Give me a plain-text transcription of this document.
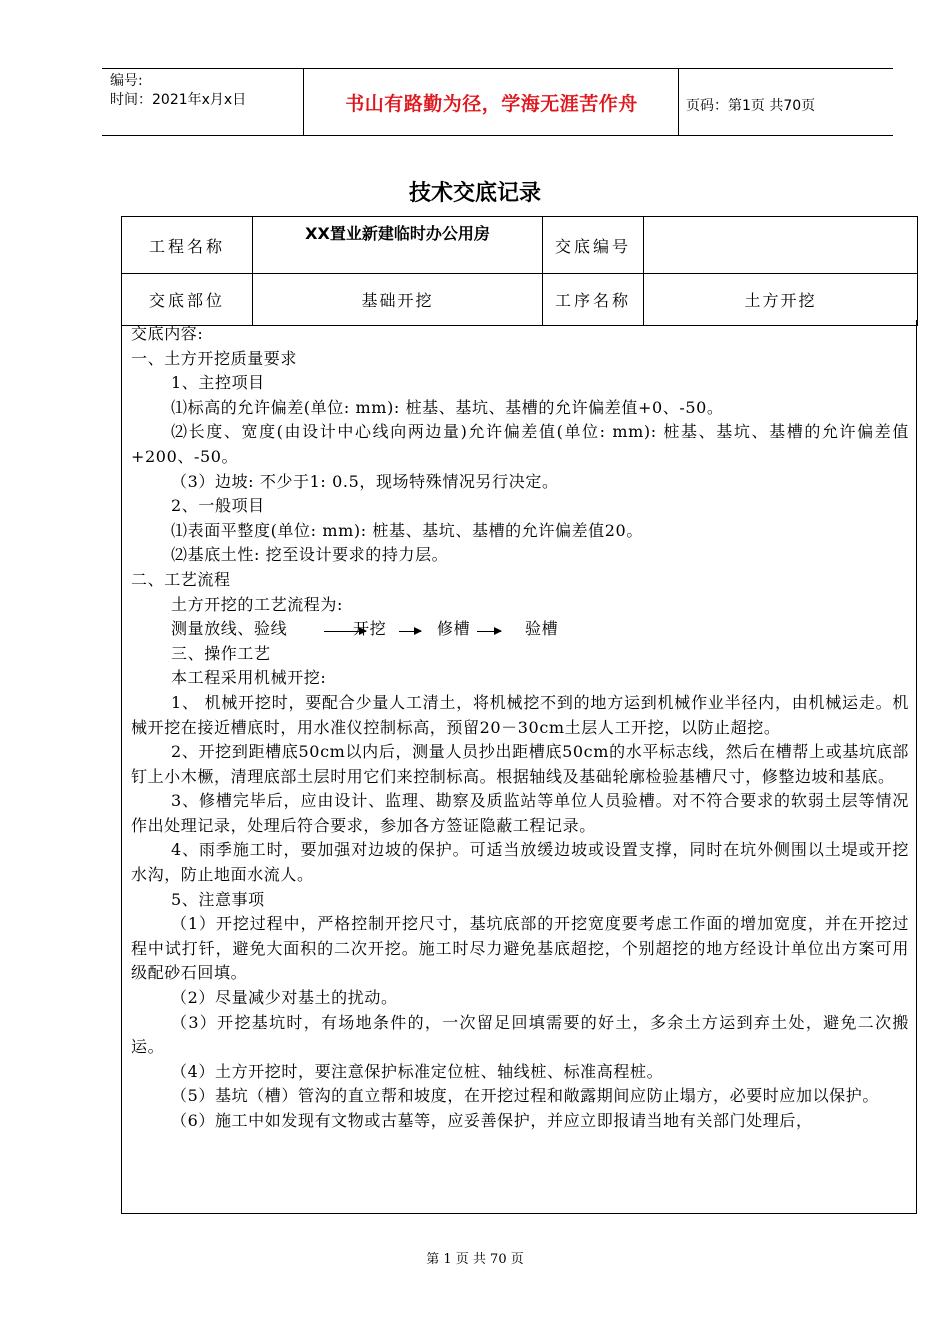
编号:
时间：2021年x月x日	书山有路勤为径，学海无涯苦作舟	页码：第1页 共70页
技术交底记录
工程名称	XX置业新建临时办公用房	交底编号	
交底部位	基础开挖	工序名称	土方开挖

交底内容:

一、土方开挖质量要求

1、主控项目

⑴标高的允许偏差(单位: mm): 桩基、基坑、基槽的允许偏差值+0、-50。

⑵长度、宽度(由设计中心线向两边量)允许偏差值(单位: mm): 桩基、基坑、基槽的允许偏差值+200、-50。

（3）边坡: 不少于1: 0.5，现场特殊情况另行决定。

2、一般项目

⑴表面平整度(单位: mm): 桩基、基坑、基槽的允许偏差值20。

⑵基底土性: 挖至设计要求的持力层。

二、工艺流程

土方开挖的工艺流程为:

测量放线、验线	开挖	修槽	验槽

三、操作工艺

本工程采用机械开挖:

1、 机械开挖时，要配合少量人工清土，将机械挖不到的地方运到机械作业半径内，由机械运走。机械开挖在接近槽底时，用水准仪控制标高，预留20－30cm土层人工开挖，以防止超挖。

2、开挖到距槽底50cm以内后，测量人员抄出距槽底50cm的水平标志线，然后在槽帮上或基坑底部钉上小木橛，清理底部土层时用它们来控制标高。根据轴线及基础轮廓检验基槽尺寸，修整边坡和基底。

3、修槽完毕后，应由设计、监理、勘察及质监站等单位人员验槽。对不符合要求的软弱土层等情况作出处理记录，处理后符合要求，参加各方签证隐蔽工程记录。

4、雨季施工时，要加强对边坡的保护。可适当放缓边坡或设置支撑，同时在坑外侧围以土堤或开挖水沟，防止地面水流人。

5、注意事项

（1）开挖过程中，严格控制开挖尺寸，基坑底部的开挖宽度要考虑工作面的增加宽度，并在开挖过程中试打钎，避免大面积的二次开挖。施工时尽力避免基底超挖，个别超挖的地方经设计单位出方案可用级配砂石回填。

（2）尽量减少对基土的扰动。

（3）开挖基坑时，有场地条件的，一次留足回填需要的好土，多余土方运到弃土处，避免二次搬运。

（4）土方开挖时，要注意保护标准定位桩、轴线桩、标准高程桩。

（5）基坑（槽）管沟的直立帮和坡度，在开挖过程和敞露期间应防止塌方，必要时应加以保护。

（6）施工中如发现有文物或古墓等，应妥善保护，并应立即报请当地有关部门处理后，

第 1 页 共 70 页
